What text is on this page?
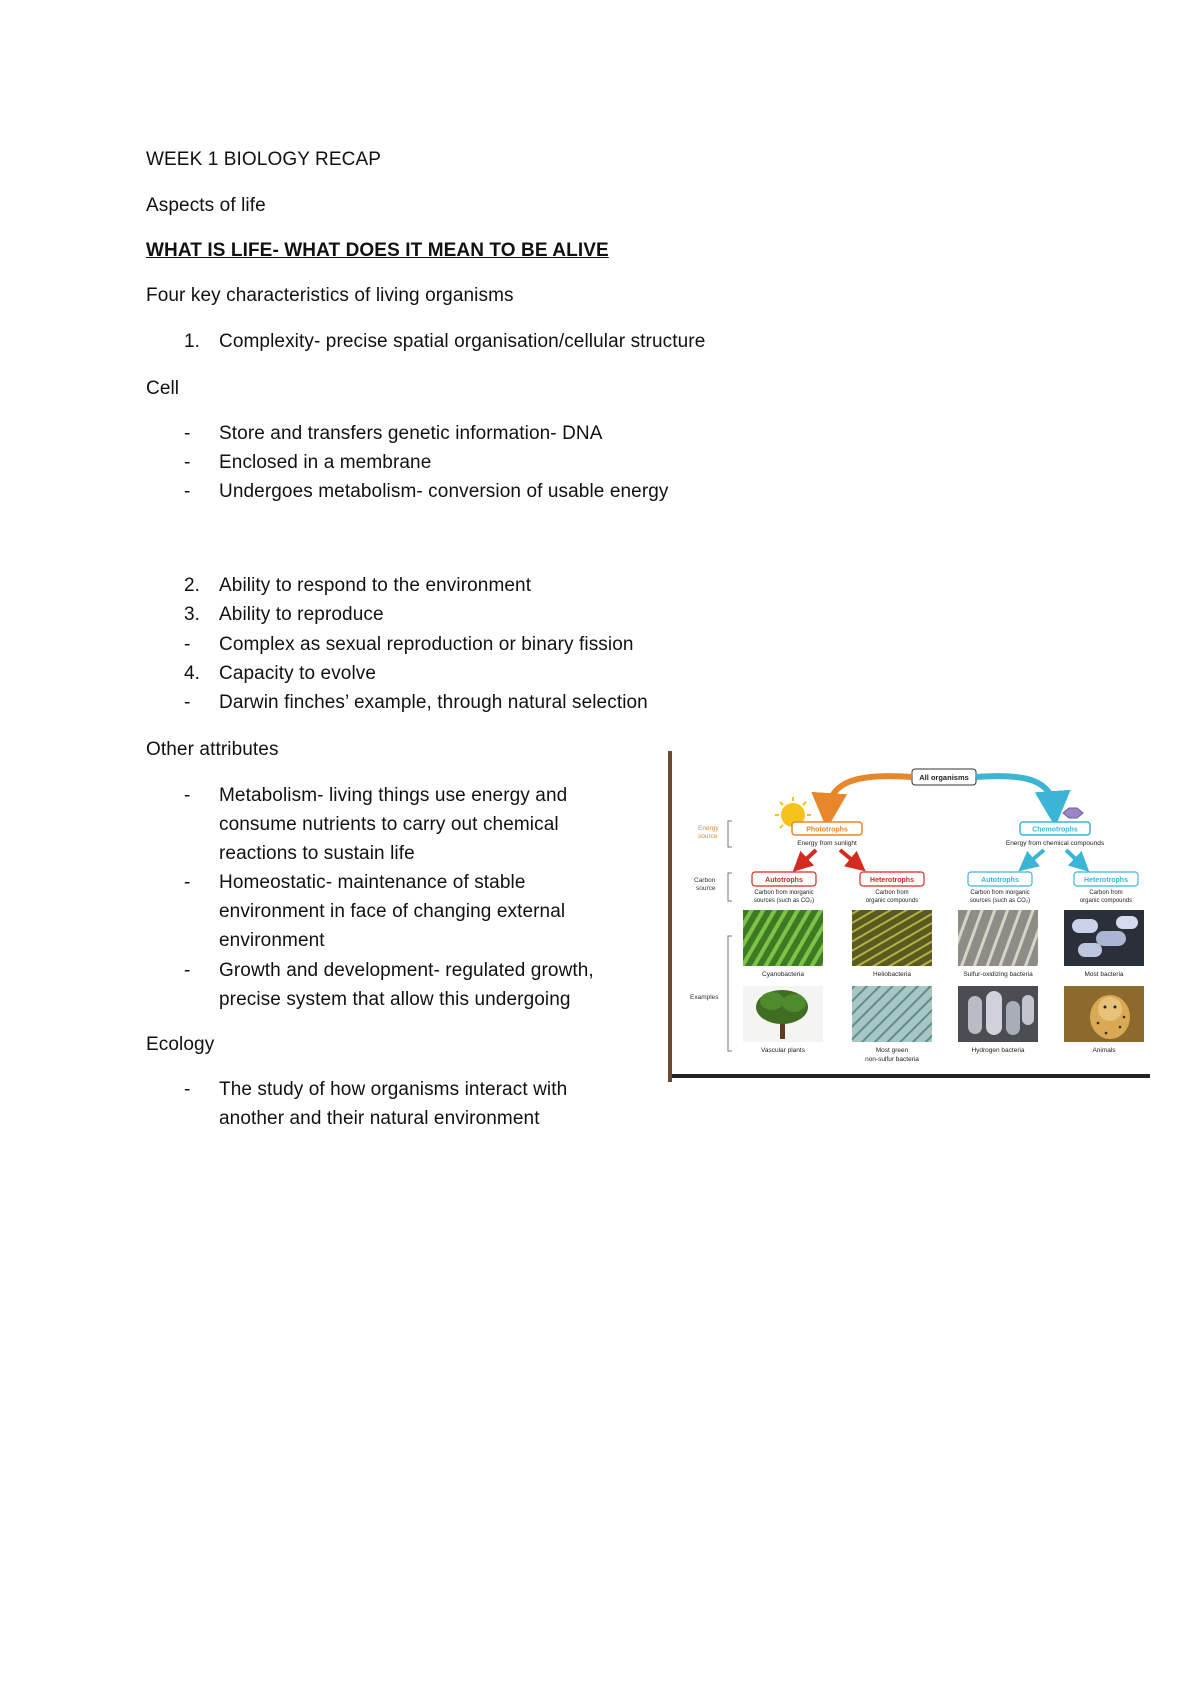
WEEK 1 BIOLOGY RECAP
Aspects of life
WHAT IS LIFE- WHAT DOES IT MEAN TO BE ALIVE
Four key characteristics of living organisms
1. Complexity- precise spatial organisation/cellular structure
Cell
- Store and transfers genetic information- DNA
- Enclosed in a membrane
- Undergoes metabolism- conversion of usable energy
2. Ability to respond to the environment
3. Ability to reproduce
- Complex as sexual reproduction or binary fission
4. Capacity to evolve
- Darwin finches’ example, through natural selection
Other attributes
- Metabolism- living things use energy and
consume nutrients to carry out chemical
reactions to sustain life
- Homeostatic- maintenance of stable
environment in face of changing external
environment
- Growth and development- regulated growth,
precise system that allow this undergoing
Ecology
- The study of how organisms interact with
another and their natural environment
All organisms
Energy
source
Carbon
source
Examples
Phototrophs
Energy from sunlight
Chemotrophs
Energy from chemical compounds
Autotrophs
Carbon from inorganic
sources (such as CO₂)
Heterotrophs
Carbon from
organic compounds
Autotrophs
Carbon from inorganic
sources (such as CO₂)
Heterotrophs
Carbon from
organic compounds
Cyanobacteria	Heliobacteria	Sulfur-oxidizing bacteria	Most bacteria
Vascular plants	Most green
non-sulfur bacteria
Hydrogen bacteria	Animals
